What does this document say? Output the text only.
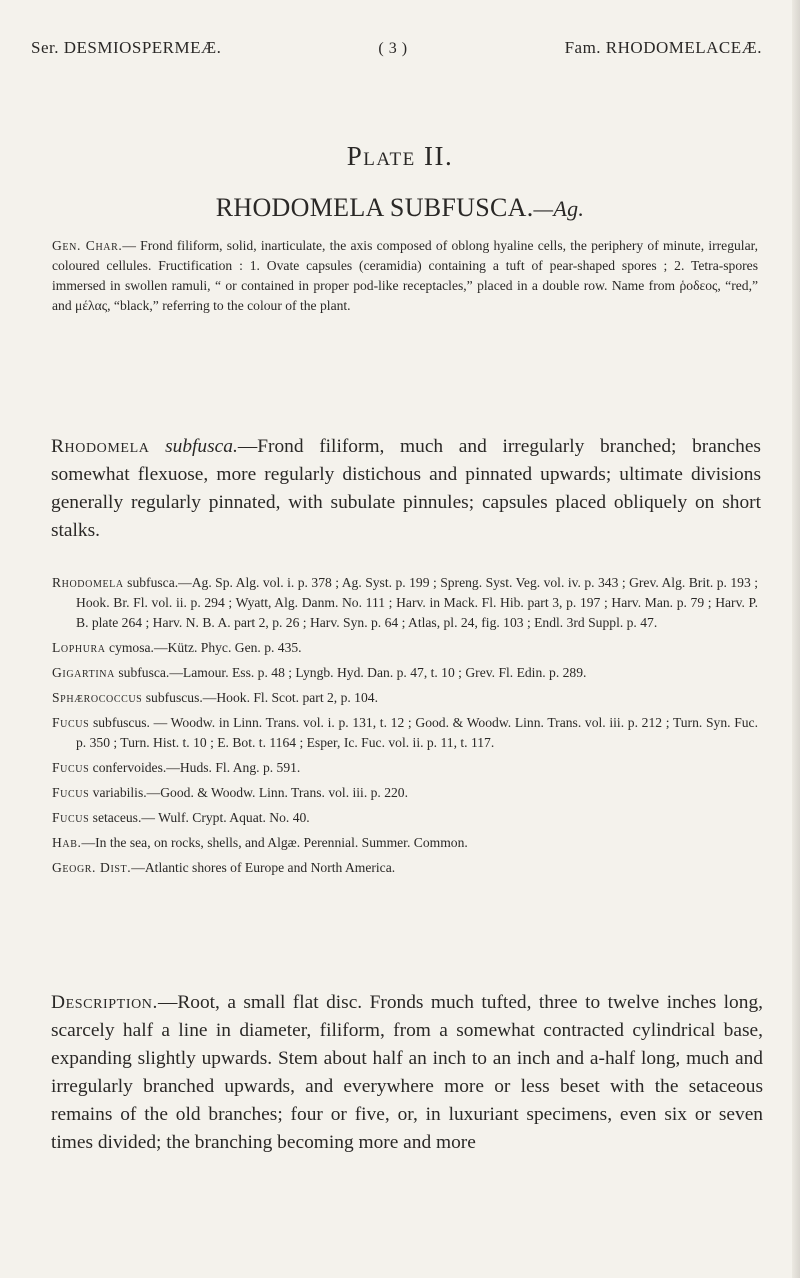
Ser. DESMIOSPERMEÆ.	( 3 )	Fam. RHODOMELACEÆ.
Plate II.
RHODOMELA SUBFUSCA.—Ag.
Gen. Char.— Frond filiform, solid, inarticulate, the axis composed of oblong hyaline cells, the periphery of minute, irregular, coloured cellules. Fructification : 1. Ovate capsules (ceramidia) containing a tuft of pear-shaped spores ; 2. Tetra-spores immersed in swollen ramuli, “ or contained in proper pod-like receptacles,” placed in a double row. Name from ῥοδεος, “red,” and μέλας, “black,” referring to the colour of the plant.
Rhodomela subfusca.—Frond filiform, much and irregularly branched; branches somewhat flexuose, more regularly distichous and pinnated upwards; ultimate divisions generally regularly pinnated, with subulate pinnules; capsules placed obliquely on short stalks.

Rhodomela subfusca.—Ag. Sp. Alg. vol. i. p. 378 ; Ag. Syst. p. 199 ; Spreng. Syst. Veg. vol. iv. p. 343 ; Grev. Alg. Brit. p. 193 ; Hook. Br. Fl. vol. ii. p. 294 ; Wyatt, Alg. Danm. No. 111 ; Harv. in Mack. Fl. Hib. part 3, p. 197 ; Harv. Man. p. 79 ; Harv. P. B. plate 264 ; Harv. N. B. A. part 2, p. 26 ; Harv. Syn. p. 64 ; Atlas, pl. 24, fig. 103 ; Endl. 3rd Suppl. p. 47.

Lophura cymosa.—Kütz. Phyc. Gen. p. 435.

Gigartina subfusca.—Lamour. Ess. p. 48 ; Lyngb. Hyd. Dan. p. 47, t. 10 ; Grev. Fl. Edin. p. 289.

Sphærococcus subfuscus.—Hook. Fl. Scot. part 2, p. 104.

Fucus subfuscus. — Woodw. in Linn. Trans. vol. i. p. 131, t. 12 ; Good. & Woodw. Linn. Trans. vol. iii. p. 212 ; Turn. Syn. Fuc. p. 350 ; Turn. Hist. t. 10 ; E. Bot. t. 1164 ; Esper, Ic. Fuc. vol. ii. p. 11, t. 117.

Fucus confervoides.—Huds. Fl. Ang. p. 591.

Fucus variabilis.—Good. & Woodw. Linn. Trans. vol. iii. p. 220.

Fucus setaceus.— Wulf. Crypt. Aquat. No. 40.

Hab.—In the sea, on rocks, shells, and Algæ. Perennial. Summer. Common.

Geogr. Dist.—Atlantic shores of Europe and North America.

Description.—Root, a small flat disc. Fronds much tufted, three to twelve inches long, scarcely half a line in diameter, filiform, from a somewhat contracted cylindrical base, expanding slightly upwards. Stem about half an inch to an inch and a-half long, much and irregularly branched upwards, and everywhere more or less beset with the setaceous remains of the old branches; four or five, or, in luxuriant specimens, even six or seven times divided; the branching becoming more and more
